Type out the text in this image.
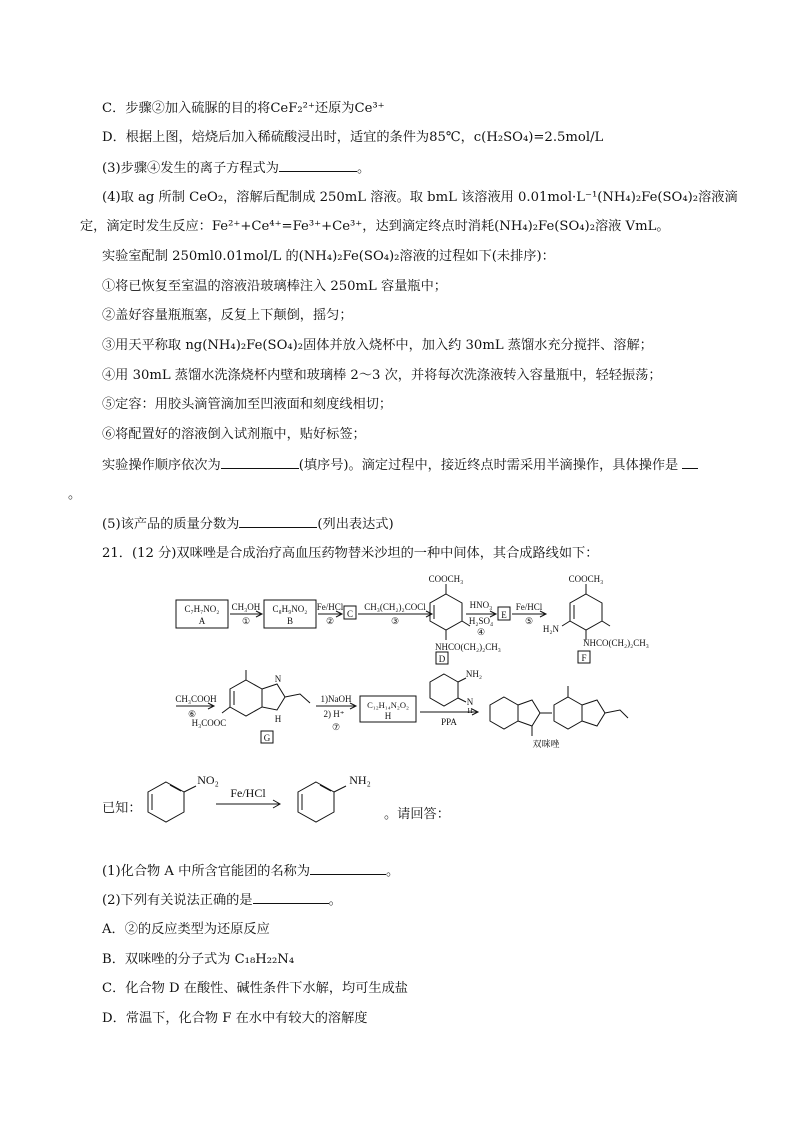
C．步骤②加入硫脲的目的将CeF₂²⁺还原为Ce³⁺
D．根据上图，焙烧后加入稀硫酸浸出时，适宜的条件为85℃，c(H₂SO₄)=2.5mol/L
(3)步骤④发生的离子方程式为	。
(4)取 ag 所制 CeO₂，溶解后配制成 250mL 溶液。取 bmL 该溶液用 0.01mol·L⁻¹(NH₄)₂Fe(SO₄)₂溶液滴
定，滴定时发生反应：Fe²⁺+Ce⁴⁺=Fe³⁺+Ce³⁺，达到滴定终点时消耗(NH₄)₂Fe(SO₄)₂溶液 VmL。
实验室配制 250ml0.01mol/L 的(NH₄)₂Fe(SO₄)₂溶液的过程如下(未排序)：
①将已恢复至室温的溶液沿玻璃棒注入 250mL 容量瓶中；
②盖好容量瓶瓶塞，反复上下颠倒，摇匀；
③用天平称取 ng(NH₄)₂Fe(SO₄)₂固体并放入烧杯中，加入约 30mL 蒸馏水充分搅拌、溶解；
④用 30mL 蒸馏水洗涤烧杯内壁和玻璃棒 2～3 次，并将每次洗涤液转入容量瓶中，轻轻振荡；
⑤定容：用胶头滴管滴加至凹液面和刻度线相切；
⑥将配置好的溶液倒入试剂瓶中，贴好标签；
实验操作顺序依次为	(填序号)。滴定过程中，接近终点时需采用半滴操作，具体操作是
。
(5)该产品的质量分数为	(列出表达式)
21．(12 分)双咪唑是合成治疗高血压药物替米沙坦的一种中间体，其合成路线如下：
C₇H₇NO₂
A
CH₃OH
①
C₈H₉NO₂
B
Fe/HCl
②
C
CH₃(CH₂)₂COCl
③
COOCH₃
NHCO(CH₂)₂CH₃
D
HNO₃
H₂SO₄
④
E
Fe/HCl
⑤
COOCH₃
H₂N
NHCO(CH₂)₂CH₃
F
CH₃COOH
⑥
H₃COOC
N
H
G
1)NaOH
2) H⁺
⑦
C₁₂H₁₄N₂O₂
H
NH₂
N
H
PPA
双咪唑
NO₂
Fe/HCl
NH₂
已知：	。请回答：
(1)化合物 A 中所含官能团的名称为	。
(2)下列有关说法正确的是	。
A．②的反应类型为还原反应
B．双咪唑的分子式为 C₁₈H₂₂N₄
C．化合物 D 在酸性、碱性条件下水解，均可生成盐
D．常温下，化合物 F 在水中有较大的溶解度
